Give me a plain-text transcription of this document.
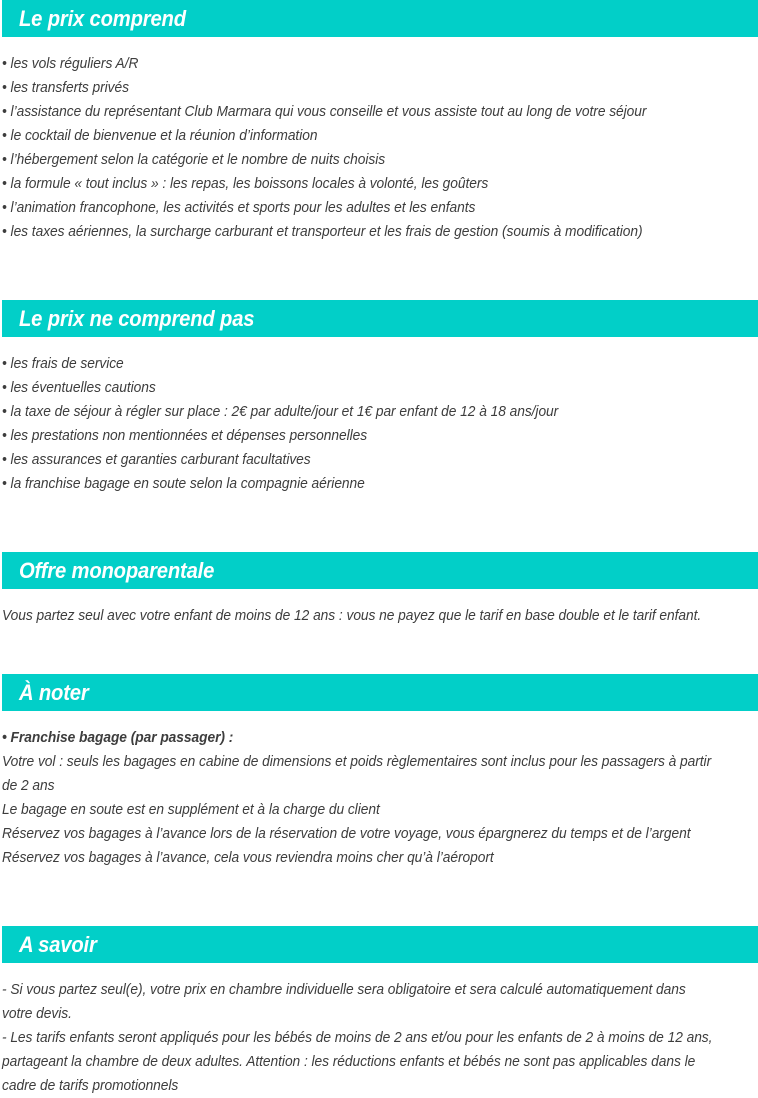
Le prix comprend
• les vols réguliers A/R
• les transferts privés
• l’assistance du représentant Club Marmara qui vous conseille et vous assiste tout au long de votre séjour
• le cocktail de bienvenue et la réunion d’information
• l’hébergement selon la catégorie et le nombre de nuits choisis
• la formule « tout inclus » : les repas, les boissons locales à volonté, les goûters
• l’animation francophone, les activités et sports pour les adultes et les enfants
• les taxes aériennes, la surcharge carburant et transporteur et les frais de gestion (soumis à modification)
Le prix ne comprend pas
• les frais de service
• les éventuelles cautions
• la taxe de séjour à régler sur place : 2€ par adulte/jour et 1€ par enfant de 12 à 18 ans/jour
• les prestations non mentionnées et dépenses personnelles
• les assurances et garanties carburant facultatives
• la franchise bagage en soute selon la compagnie aérienne
Offre monoparentale
Vous partez seul avec votre enfant de moins de 12 ans : vous ne payez que le tarif en base double et le tarif enfant.
À noter
• Franchise bagage (par passager) :
Votre vol : seuls les bagages en cabine de dimensions et poids règlementaires sont inclus pour les passagers à partir de 2 ans
Le bagage en soute est en supplément et à la charge du client
Réservez vos bagages à l’avance lors de la réservation de votre voyage, vous épargnerez du temps et de l’argent
Réservez vos bagages à l’avance, cela vous reviendra moins cher qu’à l’aéroport
A savoir
- Si vous partez seul(e), votre prix en chambre individuelle sera obligatoire et sera calculé automatiquement dans votre devis.
- Les tarifs enfants seront appliqués pour les bébés de moins de 2 ans et/ou pour les enfants de 2 à moins de 12 ans, partageant la chambre de deux adultes. Attention : les réductions enfants et bébés ne sont pas applicables dans le cadre de tarifs promotionnels
